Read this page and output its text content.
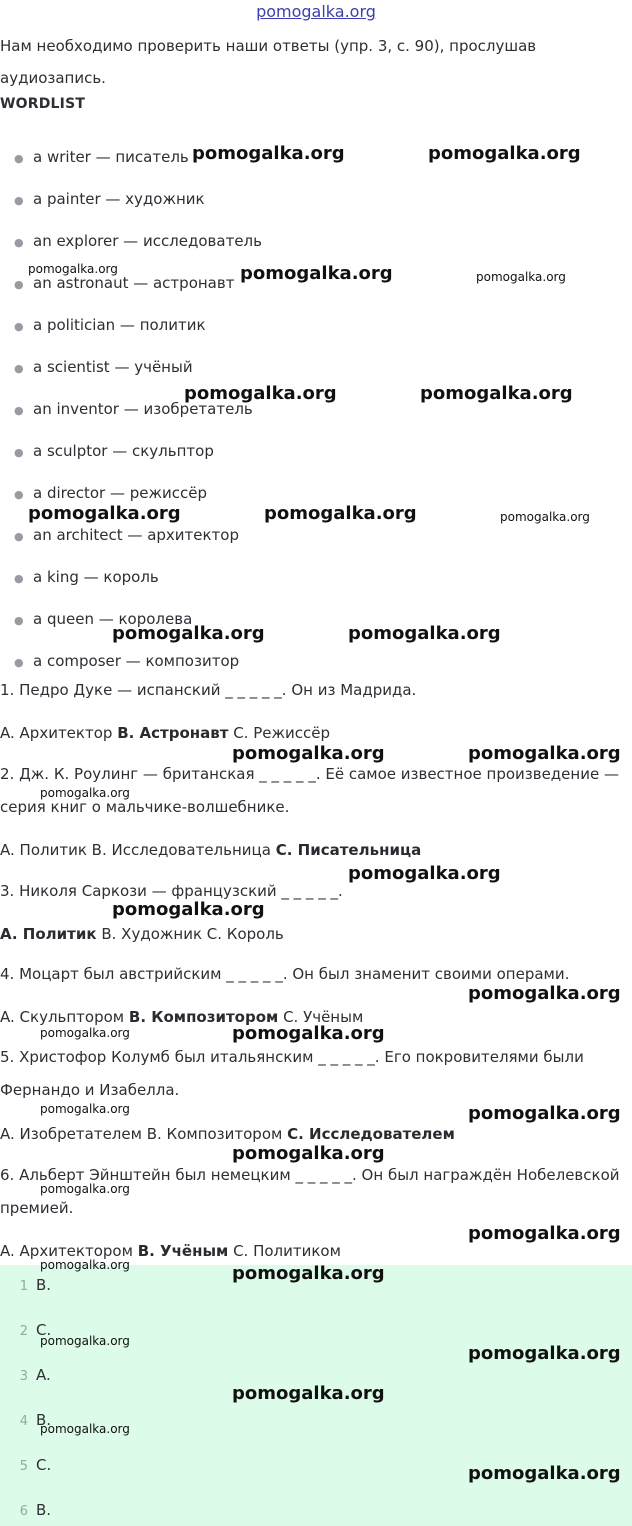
pomogalka.org
Нам необходимо проверить наши ответы (упр. 3, с. 90), прослушав аудиозапись.
WORDLIST
● a writer — писатель
● a painter — художник
● an explorer — исследователь
● an astronaut — астронавт
● a politician — политик
● a scientist — учёный
● an inventor — изобретатель
● a sculptor — скульптор
● a director — режиссёр
● an architect — архитектор
● a king — король
● a queen — королева
● a composer — композитор
1. Педро Дуке — испанский _ _ _ _ _. Он из Мадрида.
A. Архитектор B. Астронавт C. Режиссёр
2. Дж. К. Роулинг — британская _ _ _ _ _. Её самое известное произведение — серия книг о мальчике-волшебнике.
A. Политик B. Исследовательница C. Писательница
3. Николя Саркози — французский _ _ _ _ _.
A. Политик B. Художник C. Король
4. Моцарт был австрийским _ _ _ _ _. Он был знаменит своими операми.
A. Скульптором B. Композитором C. Учёным
5. Христофор Колумб был итальянским _ _ _ _ _. Его покровителями были Фернандо и Изабелла.
A. Изобретателем B. Композитором C. Исследователем
6. Альберт Эйнштейн был немецким _ _ _ _ _. Он был награждён Нобелевской премией.
A. Архитектором B. Учёным C. Политиком
1 B.
2 C.
3 A.
4 B.
5 C.
6 B.
pomogalka.org	pomogalka.org
pomogalka.org	pomogalka.org	pomogalka.org
pomogalka.org	pomogalka.org
pomogalka.org	pomogalka.org	pomogalka.org
pomogalka.org	pomogalka.org
pomogalka.org	pomogalka.org
pomogalka.org
pomogalka.org
pomogalka.org
pomogalka.org
pomogalka.org	pomogalka.org
pomogalka.org	pomogalka.org
pomogalka.org
pomogalka.org
pomogalka.org
pomogalka.org	pomogalka.org
pomogalka.org
pomogalka.org
pomogalka.org
pomogalka.org
pomogalka.org
